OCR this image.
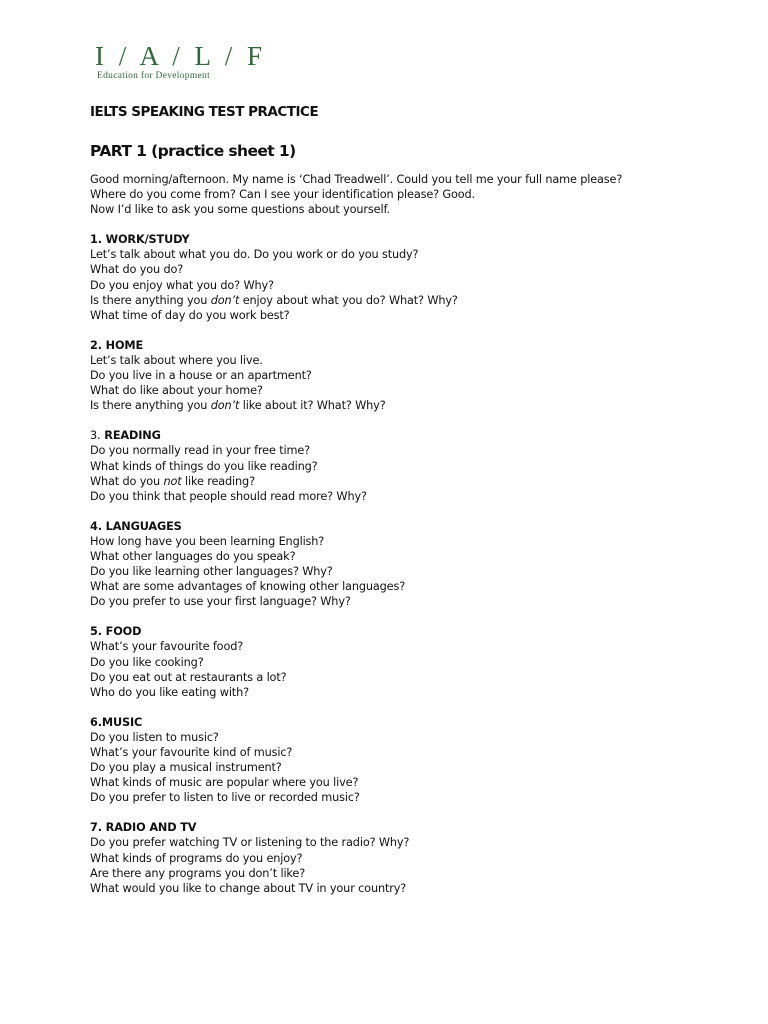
I / A / L / F
Education for Development
IELTS SPEAKING TEST PRACTICE
PART 1 (practice sheet 1)
Good morning/afternoon. My name is ‘Chad Treadwell’. Could you tell me your full name please?
Where do you come from? Can I see your identification please? Good.
Now I’d like to ask you some questions about yourself.
1. WORK/STUDY
Let’s talk about what you do. Do you work or do you study?
What do you do?
Do you enjoy what you do? Why?
Is there anything you don’t enjoy about what you do? What? Why?
What time of day do you work best?
2. HOME
Let’s talk about where you live.
Do you live in a house or an apartment?
What do like about your home?
Is there anything you don’t like about it? What? Why?
3. READING
Do you normally read in your free time?
What kinds of things do you like reading?
What do you not like reading?
Do you think that people should read more? Why?
4. LANGUAGES
How long have you been learning English?
What other languages do you speak?
Do you like learning other languages? Why?
What are some advantages of knowing other languages?
Do you prefer to use your first language? Why?
5. FOOD
What’s your favourite food?
Do you like cooking?
Do you eat out at restaurants a lot?
Who do you like eating with?
6.MUSIC
Do you listen to music?
What’s your favourite kind of music?
Do you play a musical instrument?
What kinds of music are popular where you live?
Do you prefer to listen to live or recorded music?
7. RADIO AND TV
Do you prefer watching TV or listening to the radio? Why?
What kinds of programs do you enjoy?
Are there any programs you don’t like?
What would you like to change about TV in your country?
